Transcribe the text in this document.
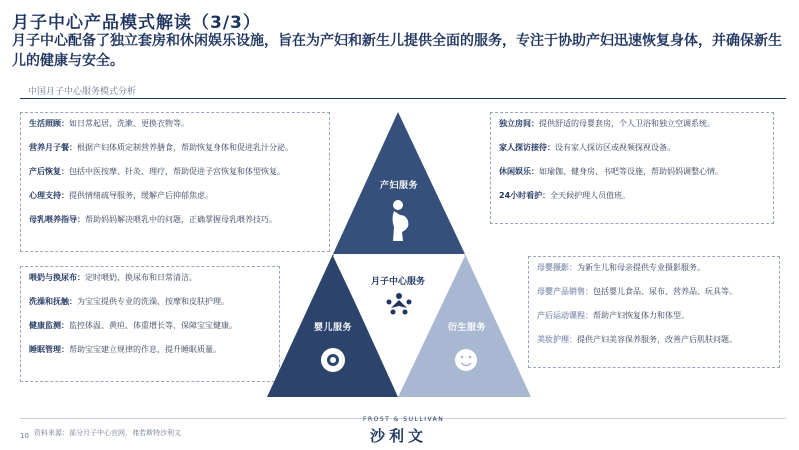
月子中心产品模式解读（3/3）
月子中心配备了独立套房和休闲娱乐设施，旨在为产妇和新生儿提供全面的服务，专注于协助产妇迅速恢复身体，并确保新生儿的健康与安全。
中国月子中心服务模式分析
生活照顾：如日常起居、洗漱、更换衣物等。
营养月子餐：根据产妇体质定制营养膳食，帮助恢复身体和促进乳汁分泌。
产后恢复：包括中医按摩、针灸、理疗，帮助促进子宫恢复和体型恢复。
心理支持：提供情绪疏导服务，缓解产后抑郁焦虑。
母乳喂养指导：帮助妈妈解决喂乳中的问题，正确掌握母乳喂养技巧。
独立房间：提供舒适的母婴套房，个人卫浴和独立空调系统。
家人探访接待：设有家人探访区或视频探视设备。
休闲娱乐：如瑜伽、健身房、书吧等设施，帮助妈妈调整心情。
24小时看护：全天候护理人员值班。
喂奶与换尿布：定时喂奶，换尿布和日常清洁。
洗澡和抚触：为宝宝提供专业的洗澡、按摩和皮肤护理。
健康监测：监控体温、黄疸、体重增长等，保障宝宝健康。
睡眠管理：帮助宝宝建立规律的作息，提升睡眠质量。
母婴摄影：为新生儿和母亲提供专业摄影服务。
母婴产品销售：包括婴儿食品、尿布、营养品、玩具等。
产后运动课程：帮助产妇恢复体力和体型。
美妆护理：提供产妇美容保养服务，改善产后肌肤问题。
产妇服务
婴儿服务	衍生服务
月子中心服务
10 资料来源：部分月子中心官网，弗若斯特沙利文
FROST & SULLIVAN
沙利文
